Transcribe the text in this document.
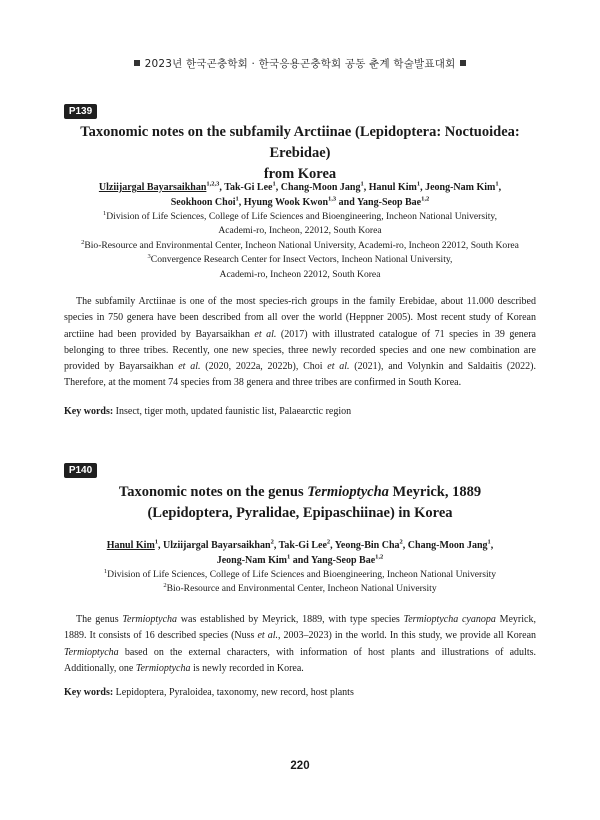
2023년 한국곤충학회 · 한국응용곤충학회 공동 춘계 학술발표대회
P139
Taxonomic notes on the subfamily Arctiinae (Lepidoptera: Noctuoidea: Erebidae)
from Korea
Ulziijargal Bayarsaikhan$^{1,2,3}$, Tak-Gi Lee$^1$, Chang-Moon Jang$^1$, Hanul Kim$^1$, Jeong-Nam Kim$^1$,
Seokhoon Choi$^1$, Hyung Wook Kwon$^{1,3}$ and Yang-Seop Bae$^{1,2}$
$^1$Division of Life Sciences, College of Life Sciences and Bioengineering, Incheon National University,
Academi-ro, Incheon, 22012, South Korea
$^2$Bio-Resource and Environmental Center, Incheon National University, Academi-ro, Incheon 22012, South Korea
$^3$Convergence Research Center for Insect Vectors, Incheon National University,
Academi-ro, Incheon 22012, South Korea
The subfamily Arctiinae is one of the most species-rich groups in the family Erebidae, about 11.000 described species in 750 genera have been described from all over the world (Heppner 2005). Most recent study of Korean arctiine had been provided by Bayarsaikhan et al. (2017) with illustrated catalogue of 71 species in 39 genera belonging to three tribes. Recently, one new species, three newly recorded species and one new combination are provided by Bayarsaikhan et al. (2020, 2022a, 2022b), Choi et al. (2021), and Volynkin and Saldaitis (2022). Therefore, at the moment 74 species from 38 genera and three tribes are confirmed in South Korea.
Key words: Insect, tiger moth, updated faunistic list, Palaearctic region
P140
Taxonomic notes on the genus Termioptycha Meyrick, 1889
(Lepidoptera, Pyralidae, Epipaschiinae) in Korea
Hanul Kim$^1$, Ulziijargal Bayarsaikhan$^2$, Tak-Gi Lee$^2$, Yeong-Bin Cha$^2$, Chang-Moon Jang$^1$,
Jeong-Nam Kim$^1$ and Yang-Seop Bae$^{1,2}$
$^1$Division of Life Sciences, College of Life Sciences and Bioengineering, Incheon National University
$^2$Bio-Resource and Environmental Center, Incheon National University
The genus Termioptycha was established by Meyrick, 1889, with type species Termioptycha cyanopa Meyrick, 1889. It consists of 16 described species (Nuss et al., 2003–2023) in the world. In this study, we provide all Korean Termioptycha based on the external characters, with information of host plants and illustrations of adults. Additionally, one Termioptycha is newly recorded in Korea.
Key words: Lepidoptera, Pyraloidea, taxonomy, new record, host plants
220
